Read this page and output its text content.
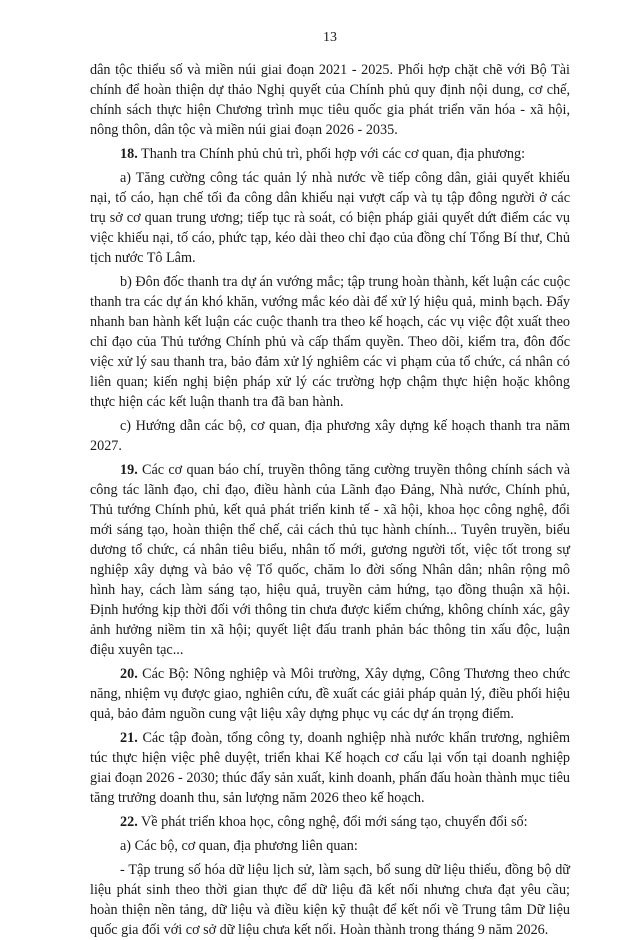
13

dân tộc thiểu số và miền núi giai đoạn 2021 - 2025. Phối hợp chặt chẽ với Bộ Tài chính để hoàn thiện dự thảo Nghị quyết của Chính phủ quy định nội dung, cơ chế, chính sách thực hiện Chương trình mục tiêu quốc gia phát triển văn hóa - xã hội, nông thôn, dân tộc và miền núi giai đoạn 2026 - 2035.

18. Thanh tra Chính phủ chủ trì, phối hợp với các cơ quan, địa phương:

a) Tăng cường công tác quản lý nhà nước về tiếp công dân, giải quyết khiếu nại, tố cáo, hạn chế tối đa công dân khiếu nại vượt cấp và tụ tập đông người ở các trụ sở cơ quan trung ương; tiếp tục rà soát, có biện pháp giải quyết dứt điểm các vụ việc khiếu nại, tố cáo, phức tạp, kéo dài theo chỉ đạo của đồng chí Tổng Bí thư, Chủ tịch nước Tô Lâm.

b) Đôn đốc thanh tra dự án vướng mắc; tập trung hoàn thành, kết luận các cuộc thanh tra các dự án khó khăn, vướng mắc kéo dài để xử lý hiệu quả, minh bạch. Đẩy nhanh ban hành kết luận các cuộc thanh tra theo kế hoạch, các vụ việc đột xuất theo chỉ đạo của Thủ tướng Chính phủ và cấp thẩm quyền. Theo dõi, kiểm tra, đôn đốc việc xử lý sau thanh tra, bảo đảm xử lý nghiêm các vi phạm của tổ chức, cá nhân có liên quan; kiến nghị biện pháp xử lý các trường hợp chậm thực hiện hoặc không thực hiện các kết luận thanh tra đã ban hành.

c) Hướng dẫn các bộ, cơ quan, địa phương xây dựng kế hoạch thanh tra năm 2027.

19. Các cơ quan báo chí, truyền thông tăng cường truyền thông chính sách và công tác lãnh đạo, chỉ đạo, điều hành của Lãnh đạo Đảng, Nhà nước, Chính phủ, Thủ tướng Chính phủ, kết quả phát triển kinh tế - xã hội, khoa học công nghệ, đổi mới sáng tạo, hoàn thiện thể chế, cải cách thủ tục hành chính... Tuyên truyền, biểu dương tổ chức, cá nhân tiêu biểu, nhân tố mới, gương người tốt, việc tốt trong sự nghiệp xây dựng và bảo vệ Tổ quốc, chăm lo đời sống Nhân dân; nhân rộng mô hình hay, cách làm sáng tạo, hiệu quả, truyền cảm hứng, tạo đồng thuận xã hội. Định hướng kịp thời đối với thông tin chưa được kiểm chứng, không chính xác, gây ảnh hưởng niềm tin xã hội; quyết liệt đấu tranh phản bác thông tin xấu độc, luận điệu xuyên tạc...

20. Các Bộ: Nông nghiệp và Môi trường, Xây dựng, Công Thương theo chức năng, nhiệm vụ được giao, nghiên cứu, đề xuất các giải pháp quản lý, điều phối hiệu quả, bảo đảm nguồn cung vật liệu xây dựng phục vụ các dự án trọng điểm.

21. Các tập đoàn, tổng công ty, doanh nghiệp nhà nước khẩn trương, nghiêm túc thực hiện việc phê duyệt, triển khai Kế hoạch cơ cấu lại vốn tại doanh nghiệp giai đoạn 2026 - 2030; thúc đẩy sản xuất, kinh doanh, phấn đấu hoàn thành mục tiêu tăng trưởng doanh thu, sản lượng năm 2026 theo kế hoạch.

22. Về phát triển khoa học, công nghệ, đổi mới sáng tạo, chuyển đổi số:

a) Các bộ, cơ quan, địa phương liên quan:

- Tập trung số hóa dữ liệu lịch sử, làm sạch, bổ sung dữ liệu thiếu, đồng bộ dữ liệu phát sinh theo thời gian thực để dữ liệu đã kết nối nhưng chưa đạt yêu cầu; hoàn thiện nền tảng, dữ liệu và điều kiện kỹ thuật để kết nối về Trung tâm Dữ liệu quốc gia đối với cơ sở dữ liệu chưa kết nối. Hoàn thành trong tháng 9 năm 2026.
